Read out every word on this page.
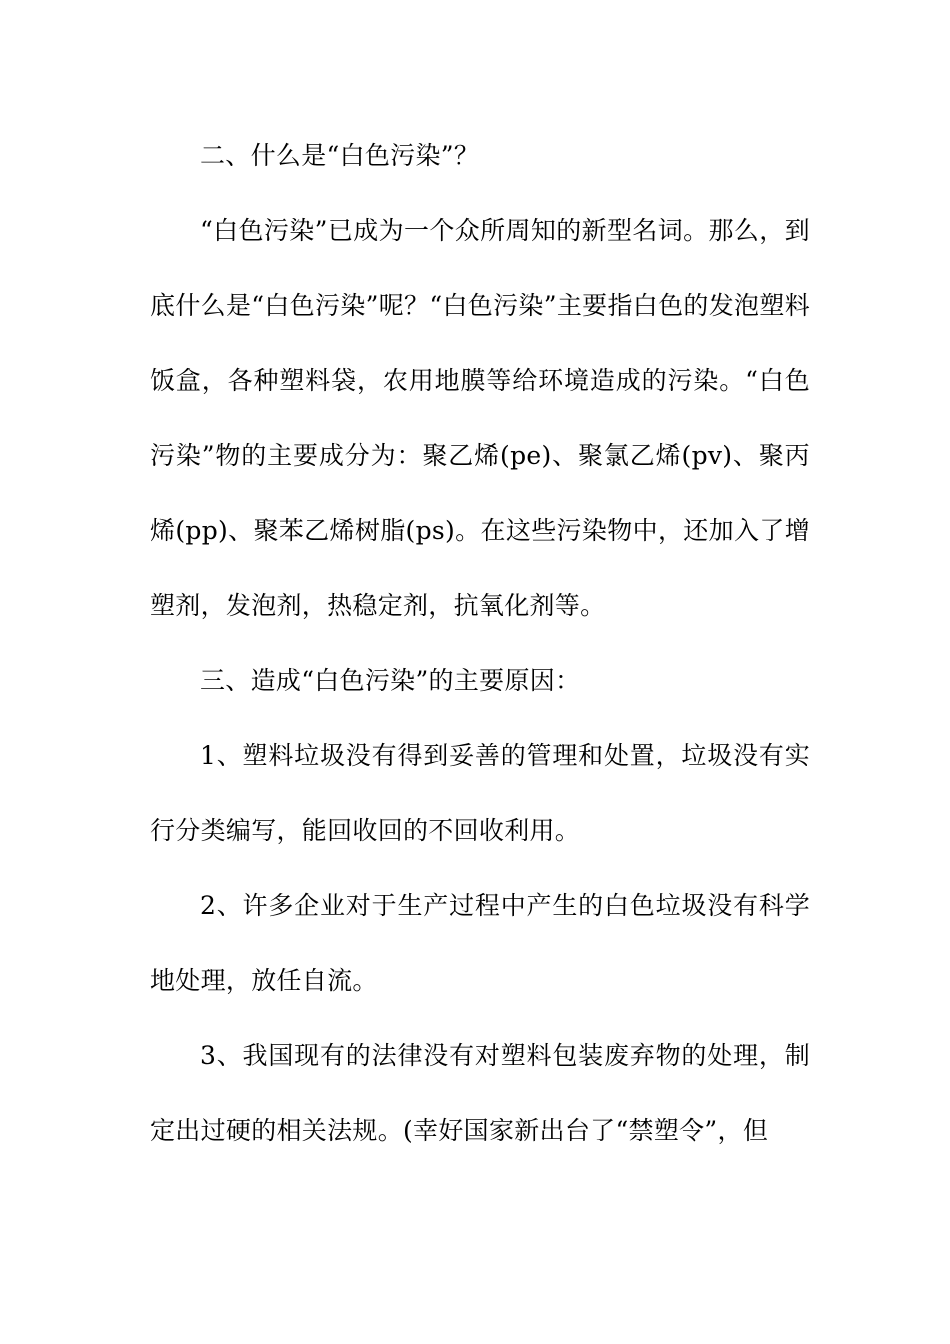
二、什么是“白色污染”？

“白色污染”已成为一个众所周知的新型名词。那么，到底什么是“白色污染”呢？“白色污染”主要指白色的发泡塑料饭盒，各种塑料袋，农用地膜等给环境造成的污染。“白色污染”物的主要成分为：聚乙烯(pe)、聚氯乙烯(pv)、聚丙烯(pp)、聚苯乙烯树脂(ps)。在这些污染物中，还加入了增塑剂，发泡剂，热稳定剂，抗氧化剂等。

三、造成“白色污染”的主要原因：

1、塑料垃圾没有得到妥善的管理和处置，垃圾没有实行分类编写，能回收回的不回收利用。

2、许多企业对于生产过程中产生的白色垃圾没有科学地处理，放任自流。

3、我国现有的法律没有对塑料包装废弃物的处理，制定出过硬的相关法规。(幸好国家新出台了“禁塑令”，但
